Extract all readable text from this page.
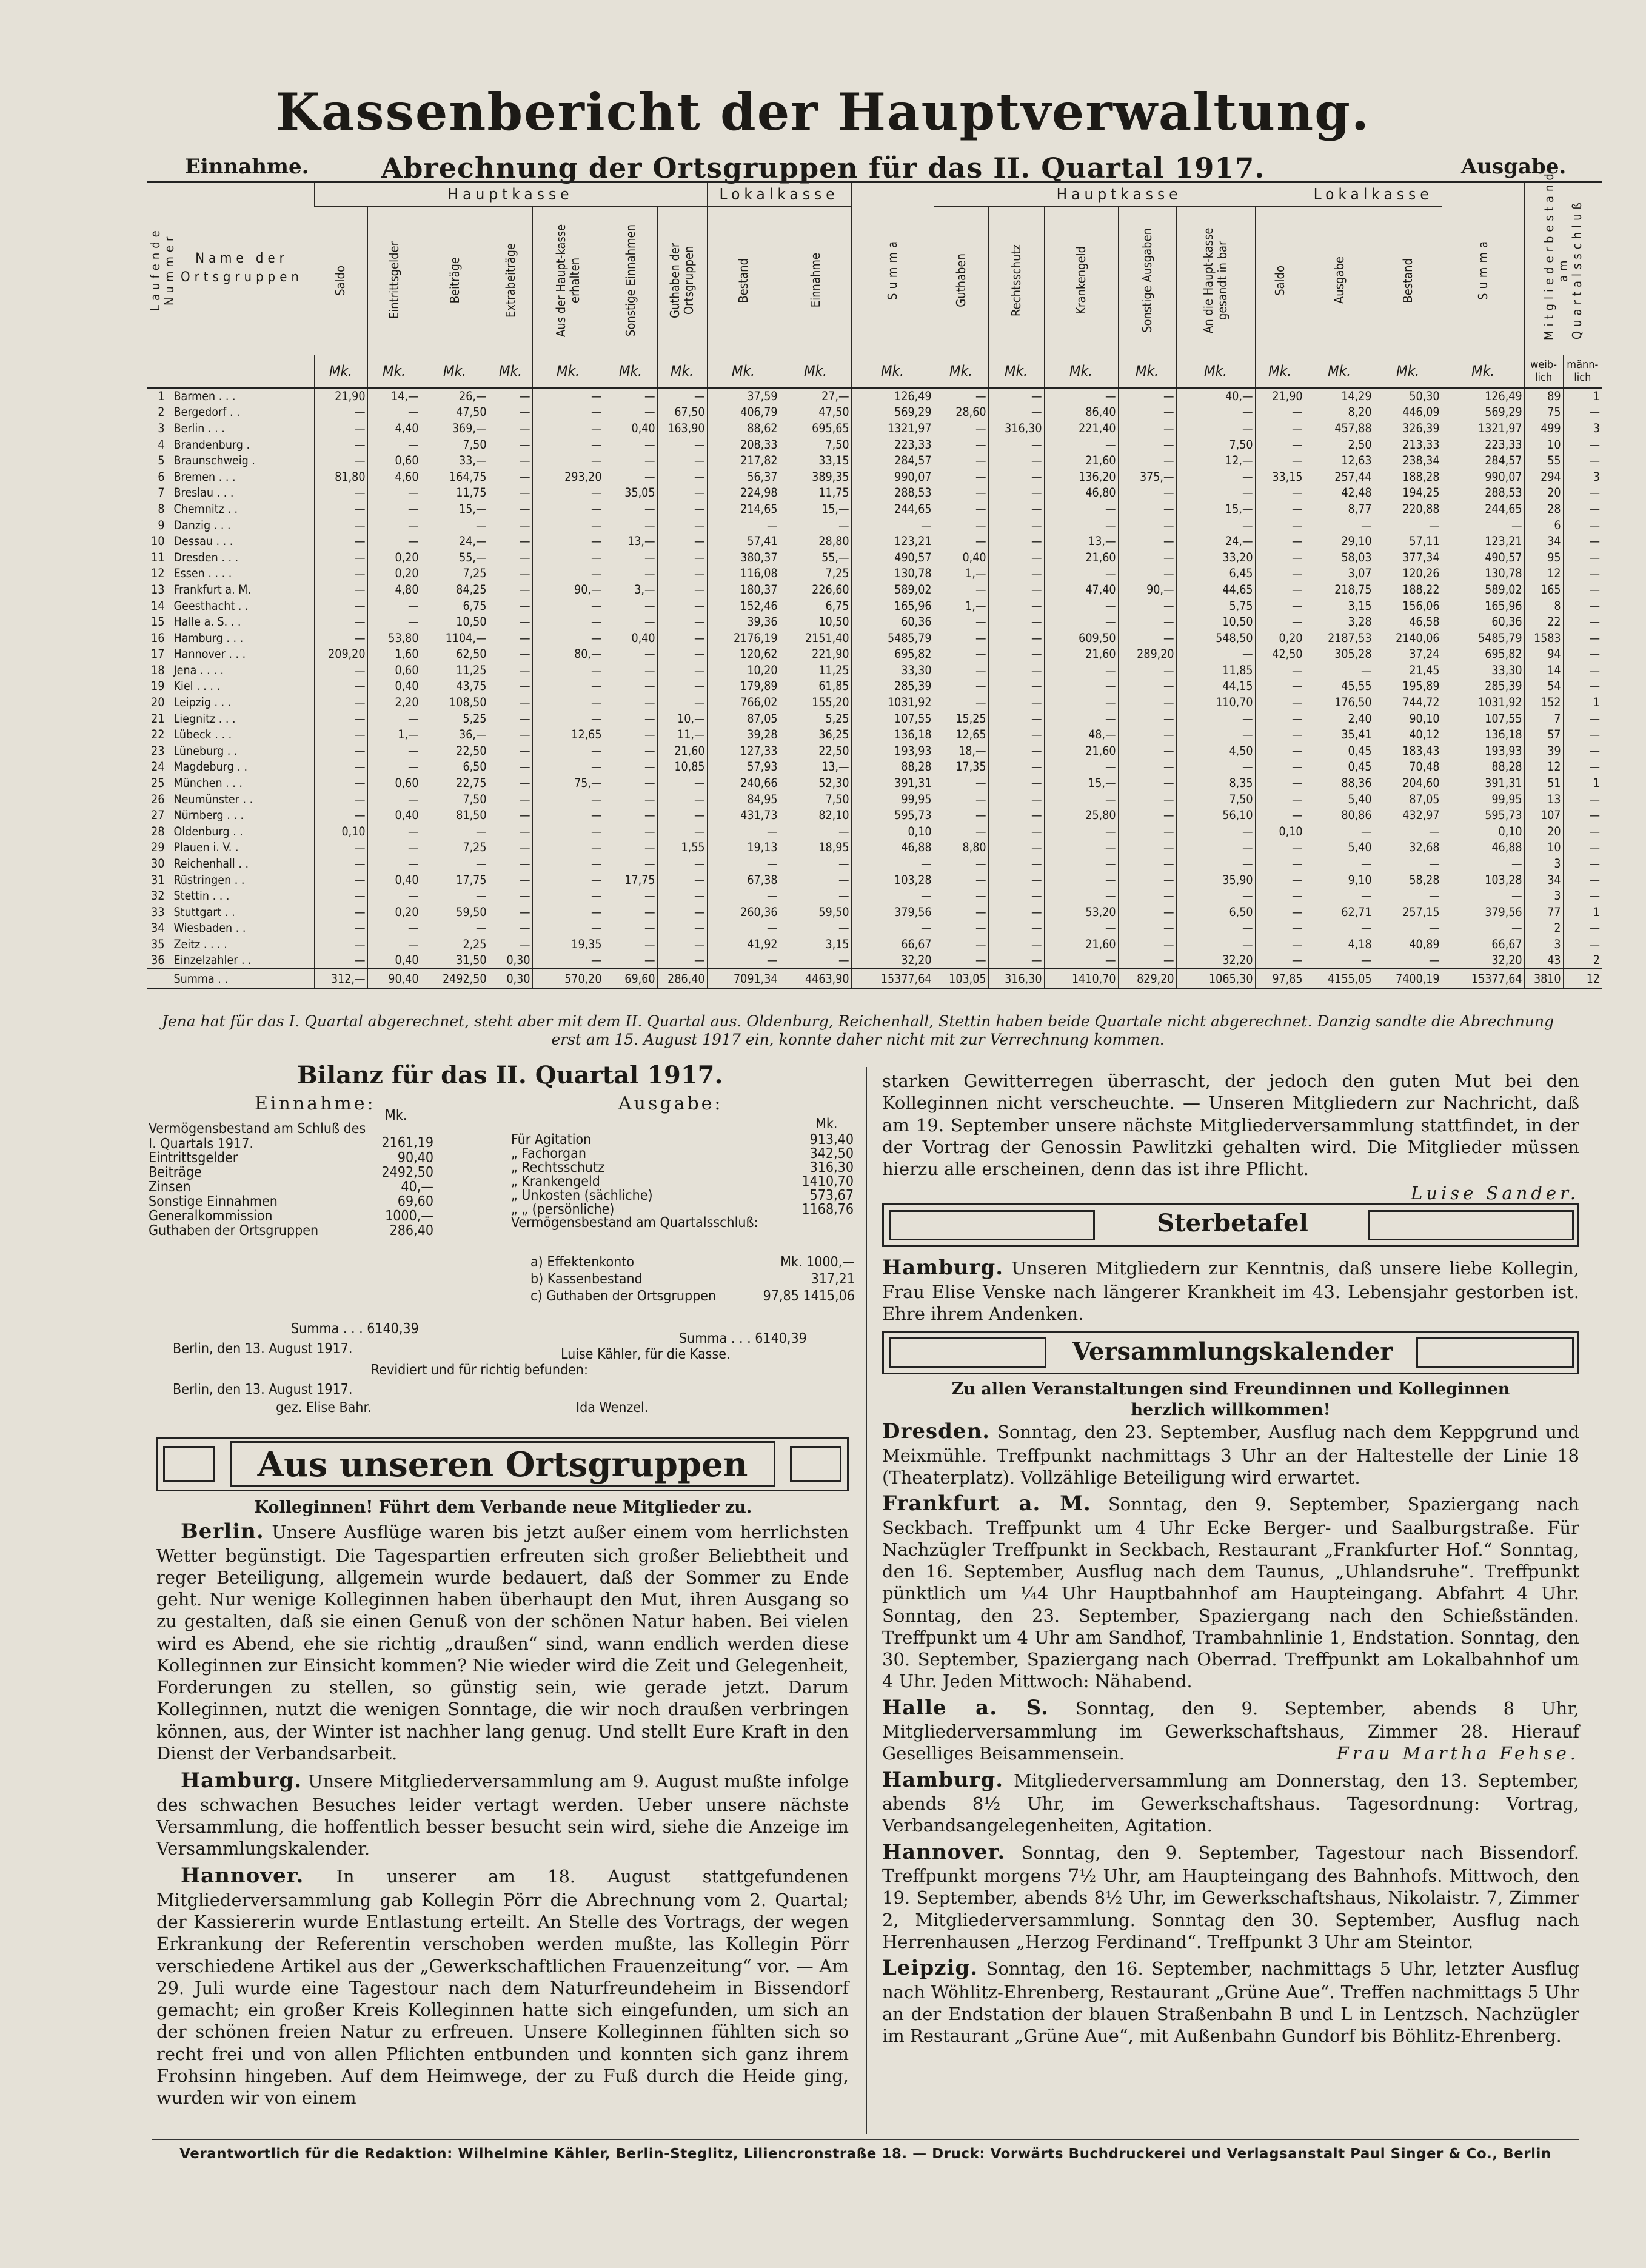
Kassenbericht der Hauptverwaltung.
Einnahme.	Abrechnung der Ortsgruppen für das II. Quartal 1917.	Ausgabe.
Laufende Nummer	Name der Ortsgruppen	Hauptkasse							Lokalkasse		Summa	Hauptkasse						Lokalkasse		Summa	Mitgliederbestand am Quartalsschluß	

		Saldo	Eintrittsgelder	Beiträge	Extrabeiträge	Aus der Haupt-kasse erhalten	Sonstige Einnahmen	Guthaben der Ortsgruppen	Bestand	Einnahme		Guthaben	Rechtsschutz	Krankengeld	Sonstige Ausgaben	An die Haupt-kasse gesandt in bar	Saldo	Ausgabe	Bestand			

		Mk.	Mk.	Mk.	Mk.	Mk.	Mk.	Mk.	Mk.	Mk.	Mk.	Mk.	Mk.	Mk.	Mk.	Mk.	Mk.	Mk.	Mk.	Mk.	weib-lich	männ-lich
1	Barmen . . .	21,90	14,—	26,—	—	—	—	—	37,59	27,—	126,49	—	—	—	—	40,—	21,90	14,29	50,30	126,49	89	1
2	Bergedorf . .	—	—	47,50	—	—	—	67,50	406,79	47,50	569,29	28,60	—	86,40	—	—	—	8,20	446,09	569,29	75	—
3	Berlin . . .	—	4,40	369,—	—	—	0,40	163,90	88,62	695,65	1321,97	—	316,30	221,40	—	—	—	457,88	326,39	1321,97	499	3
4	Brandenburg .	—	—	7,50	—	—	—	—	208,33	7,50	223,33	—	—	—	—	7,50	—	2,50	213,33	223,33	10	—
5	Braunschweig .	—	0,60	33,—	—	—	—	—	217,82	33,15	284,57	—	—	21,60	—	12,—	—	12,63	238,34	284,57	55	—
6	Bremen . . .	81,80	4,60	164,75	—	293,20	—	—	56,37	389,35	990,07	—	—	136,20	375,—	—	33,15	257,44	188,28	990,07	294	3
7	Breslau . . .	—	—	11,75	—	—	35,05	—	224,98	11,75	288,53	—	—	46,80	—	—	—	42,48	194,25	288,53	20	—
8	Chemnitz . .	—	—	15,—	—	—	—	—	214,65	15,—	244,65	—	—	—	—	15,—	—	8,77	220,88	244,65	28	—
9	Danzig . . .	—	—	—	—	—	—	—	—	—	—	—	—	—	—	—	—	—	—	—	6	—
10	Dessau . . .	—	—	24,—	—	—	13,—	—	57,41	28,80	123,21	—	—	13,—	—	24,—	—	29,10	57,11	123,21	34	—
11	Dresden . . .	—	0,20	55,—	—	—	—	—	380,37	55,—	490,57	0,40	—	21,60	—	33,20	—	58,03	377,34	490,57	95	—
12	Essen . . . .	—	0,20	7,25	—	—	—	—	116,08	7,25	130,78	1,—	—	—	—	6,45	—	3,07	120,26	130,78	12	—
13	Frankfurt a. M.	—	4,80	84,25	—	90,—	3,—	—	180,37	226,60	589,02	—	—	47,40	90,—	44,65	—	218,75	188,22	589,02	165	—
14	Geesthacht . .	—	—	6,75	—	—	—	—	152,46	6,75	165,96	1,—	—	—	—	5,75	—	3,15	156,06	165,96	8	—
15	Halle a. S. . .	—	—	10,50	—	—	—	—	39,36	10,50	60,36	—	—	—	—	10,50	—	3,28	46,58	60,36	22	—
16	Hamburg . . .	—	53,80	1104,—	—	—	0,40	—	2176,19	2151,40	5485,79	—	—	609,50	—	548,50	0,20	2187,53	2140,06	5485,79	1583	—
17	Hannover . . .	209,20	1,60	62,50	—	80,—	—	—	120,62	221,90	695,82	—	—	21,60	289,20	—	42,50	305,28	37,24	695,82	94	—
18	Jena . . . .	—	0,60	11,25	—	—	—	—	10,20	11,25	33,30	—	—	—	—	11,85	—	—	21,45	33,30	14	—
19	Kiel . . . .	—	0,40	43,75	—	—	—	—	179,89	61,85	285,39	—	—	—	—	44,15	—	45,55	195,89	285,39	54	—
20	Leipzig . . .	—	2,20	108,50	—	—	—	—	766,02	155,20	1031,92	—	—	—	—	110,70	—	176,50	744,72	1031,92	152	1
21	Liegnitz . . .	—	—	5,25	—	—	—	10,—	87,05	5,25	107,55	15,25	—	—	—	—	—	2,40	90,10	107,55	7	—
22	Lübeck . . .	—	1,—	36,—	—	12,65	—	11,—	39,28	36,25	136,18	12,65	—	48,—	—	—	—	35,41	40,12	136,18	57	—
23	Lüneburg . .	—	—	22,50	—	—	—	21,60	127,33	22,50	193,93	18,—	—	21,60	—	4,50	—	0,45	183,43	193,93	39	—
24	Magdeburg . .	—	—	6,50	—	—	—	10,85	57,93	13,—	88,28	17,35	—	—	—	—	—	0,45	70,48	88,28	12	—
25	München . . .	—	0,60	22,75	—	75,—	—	—	240,66	52,30	391,31	—	—	15,—	—	8,35	—	88,36	204,60	391,31	51	1
26	Neumünster . .	—	—	7,50	—	—	—	—	84,95	7,50	99,95	—	—	—	—	7,50	—	5,40	87,05	99,95	13	—
27	Nürnberg . . .	—	0,40	81,50	—	—	—	—	431,73	82,10	595,73	—	—	25,80	—	56,10	—	80,86	432,97	595,73	107	—
28	Oldenburg . .	0,10	—	—	—	—	—	—	—	—	0,10	—	—	—	—	—	0,10	—	—	0,10	20	—
29	Plauen i. V. .	—	—	7,25	—	—	—	1,55	19,13	18,95	46,88	8,80	—	—	—	—	—	5,40	32,68	46,88	10	—
30	Reichenhall . .	—	—	—	—	—	—	—	—	—	—	—	—	—	—	—	—	—	—	—	3	—
31	Rüstringen . .	—	0,40	17,75	—	—	17,75	—	67,38	—	103,28	—	—	—	—	35,90	—	9,10	58,28	103,28	34	—
32	Stettin . . .	—	—	—	—	—	—	—	—	—	—	—	—	—	—	—	—	—	—	—	3	—
33	Stuttgart . .	—	0,20	59,50	—	—	—	—	260,36	59,50	379,56	—	—	53,20	—	6,50	—	62,71	257,15	379,56	77	1
34	Wiesbaden . .	—	—	—	—	—	—	—	—	—	—	—	—	—	—	—	—	—	—	—	2	—
35	Zeitz . . . .	—	—	2,25	—	19,35	—	—	41,92	3,15	66,67	—	—	21,60	—	—	—	4,18	40,89	66,67	3	—
36	Einzelzahler . .	—	0,40	31,50	0,30	—	—	—	—	—	32,20	—	—	—	—	32,20	—	—	—	32,20	43	2
	Summa . .	312,—	90,40	2492,50	0,30	570,20	69,60	286,40	7091,34	4463,90	15377,64	103,05	316,30	1410,70	829,20	1065,30	97,85	4155,05	7400,19	15377,64	3810	12
Jena hat für das I. Quartal abgerechnet, steht aber mit dem II. Quartal aus. Oldenburg, Reichenhall, Stettin haben beide Quartale nicht abgerechnet. Danzig sandte die Abrechnung erst am 15. August 1917 ein, konnte daher nicht mit zur Verrechnung kommen.
Bilanz für das II. Quartal 1917.
Einnahme:	Ausgabe:
Mk.
Mk.
Vermögensbestand am Schluß des I. Quartals 1917.	2161,19
Eintrittsgelder	90,40
Beiträge	2492,50
Zinsen	40,—
Sonstige Einnahmen	69,60
Generalkommission	1000,—
Guthaben der Ortsgruppen	286,40
Für Agitation	913,40
„ Fachorgan	342,50
„ Rechtsschutz	316,30
„ Krankengeld	1410,70
„ Unkosten (sächliche)	573,67
„ „ (persönliche)	1168,76
Vermögensbestand am Quartalsschluß:
a) Effektenkonto	Mk. 1000,—
b) Kassenbestand	317,21
c) Guthaben der Ortsgruppen	97,85 1415,06
Summa . . . 6140,39
Summa . . . 6140,39
Berlin, den 13. August 1917.	Luise Kähler, für die Kasse.
Revidiert und für richtig befunden:
Berlin, den 13. August 1917.
gez. Elise Bahr.	Ida Wenzel.
Aus unseren Ortsgruppen
Kolleginnen! Führt dem Verbande neue Mitglieder zu.

Berlin. Unsere Ausflüge waren bis jetzt außer einem vom herrlichsten Wetter begünstigt. Die Tagespartien erfreuten sich großer Beliebtheit und reger Beteiligung, allgemein wurde bedauert, daß der Sommer zu Ende geht. Nur wenige Kolleginnen haben überhaupt den Mut, ihren Ausgang so zu gestalten, daß sie einen Genuß von der schönen Natur haben. Bei vielen wird es Abend, ehe sie richtig „draußen“ sind, wann endlich werden diese Kolleginnen zur Einsicht kommen? Nie wieder wird die Zeit und Gelegenheit, Forderungen zu stellen, so günstig sein, wie gerade jetzt. Darum Kolleginnen, nutzt die wenigen Sonntage, die wir noch draußen verbringen können, aus, der Winter ist nachher lang genug. Und stellt Eure Kraft in den Dienst der Verbandsarbeit.

Hamburg. Unsere Mitgliederversammlung am 9. August mußte infolge des schwachen Besuches leider vertagt werden. Ueber unsere nächste Versammlung, die hoffentlich besser besucht sein wird, siehe die Anzeige im Versammlungskalender.

Hannover. In unserer am 18. August stattgefundenen Mitgliederversammlung gab Kollegin Pörr die Abrechnung vom 2. Quartal; der Kassiererin wurde Entlastung erteilt. An Stelle des Vortrags, der wegen Erkrankung der Referentin verschoben werden mußte, las Kollegin Pörr verschiedene Artikel aus der „Gewerkschaftlichen Frauenzeitung“ vor. — Am 29. Juli wurde eine Tagestour nach dem Naturfreundeheim in Bissendorf gemacht; ein großer Kreis Kolleginnen hatte sich eingefunden, um sich an der schönen freien Natur zu erfreuen. Unsere Kolleginnen fühlten sich so recht frei und von allen Pflichten entbunden und konnten sich ganz ihrem Frohsinn hingeben. Auf dem Heimwege, der zu Fuß durch die Heide ging, wurden wir von einem

starken Gewitterregen überrascht, der jedoch den guten Mut bei den Kolleginnen nicht verscheuchte. — Unseren Mitgliedern zur Nachricht, daß am 19. September unsere nächste Mitgliederversammlung stattfindet, in der der Vortrag der Genossin Pawlitzki gehalten wird. Die Mitglieder müssen hierzu alle erscheinen, denn das ist ihre Pflicht.

Luise Sander.

Sterbetafel

Hamburg. Unseren Mitgliedern zur Kenntnis, daß unsere liebe Kollegin, Frau Elise Venske nach längerer Krankheit im 43. Lebensjahr gestorben ist. Ehre ihrem Andenken.

Versammlungskalender
Zu allen Veranstaltungen sind Freundinnen und Kolleginnen herzlich willkommen!

Dresden. Sonntag, den 23. September, Ausflug nach dem Keppgrund und Meixmühle. Treffpunkt nachmittags 3 Uhr an der Haltestelle der Linie 18 (Theaterplatz). Vollzählige Beteiligung wird erwartet.

Frankfurt a. M. Sonntag, den 9. September, Spaziergang nach Seckbach. Treffpunkt um 4 Uhr Ecke Berger- und Saalburgstraße. Für Nachzügler Treffpunkt in Seckbach, Restaurant „Frankfurter Hof.“ Sonntag, den 16. September, Ausflug nach dem Taunus, „Uhlandsruhe“. Treffpunkt pünktlich um ¼4 Uhr Hauptbahnhof am Haupteingang. Abfahrt 4 Uhr. Sonntag, den 23. September, Spaziergang nach den Schießständen. Treffpunkt um 4 Uhr am Sandhof, Trambahnlinie 1, Endstation. Sonntag, den 30. September, Spaziergang nach Oberrad. Treffpunkt am Lokalbahnhof um 4 Uhr. Jeden Mittwoch: Nähabend.

Halle a. S. Sonntag, den 9. September, abends 8 Uhr, Mitgliederversammlung im Gewerkschaftshaus, Zimmer 28. Hierauf Geselliges Beisammensein.	Frau Martha Fehse.

Hamburg. Mitgliederversammlung am Donnerstag, den 13. September, abends 8½ Uhr, im Gewerkschaftshaus. Tagesordnung: Vortrag, Verbandsangelegenheiten, Agitation.

Hannover. Sonntag, den 9. September, Tagestour nach Bissendorf. Treffpunkt morgens 7½ Uhr, am Haupteingang des Bahnhofs. Mittwoch, den 19. September, abends 8½ Uhr, im Gewerkschaftshaus, Nikolaistr. 7, Zimmer 2, Mitgliederversammlung. Sonntag den 30. September, Ausflug nach Herrenhausen „Herzog Ferdinand“. Treffpunkt 3 Uhr am Steintor.

Leipzig. Sonntag, den 16. September, nachmittags 5 Uhr, letzter Ausflug nach Wöhlitz-Ehrenberg, Restaurant „Grüne Aue“. Treffen nachmittags 5 Uhr an der Endstation der blauen Straßenbahn B und L in Lentzsch. Nachzügler im Restaurant „Grüne Aue“, mit Außenbahn Gundorf bis Böhlitz-Ehrenberg.

Verantwortlich für die Redaktion: Wilhelmine Kähler, Berlin-Steglitz, Liliencronstraße 18. — Druck: Vorwärts Buchdruckerei und Verlagsanstalt Paul Singer & Co., Berlin
